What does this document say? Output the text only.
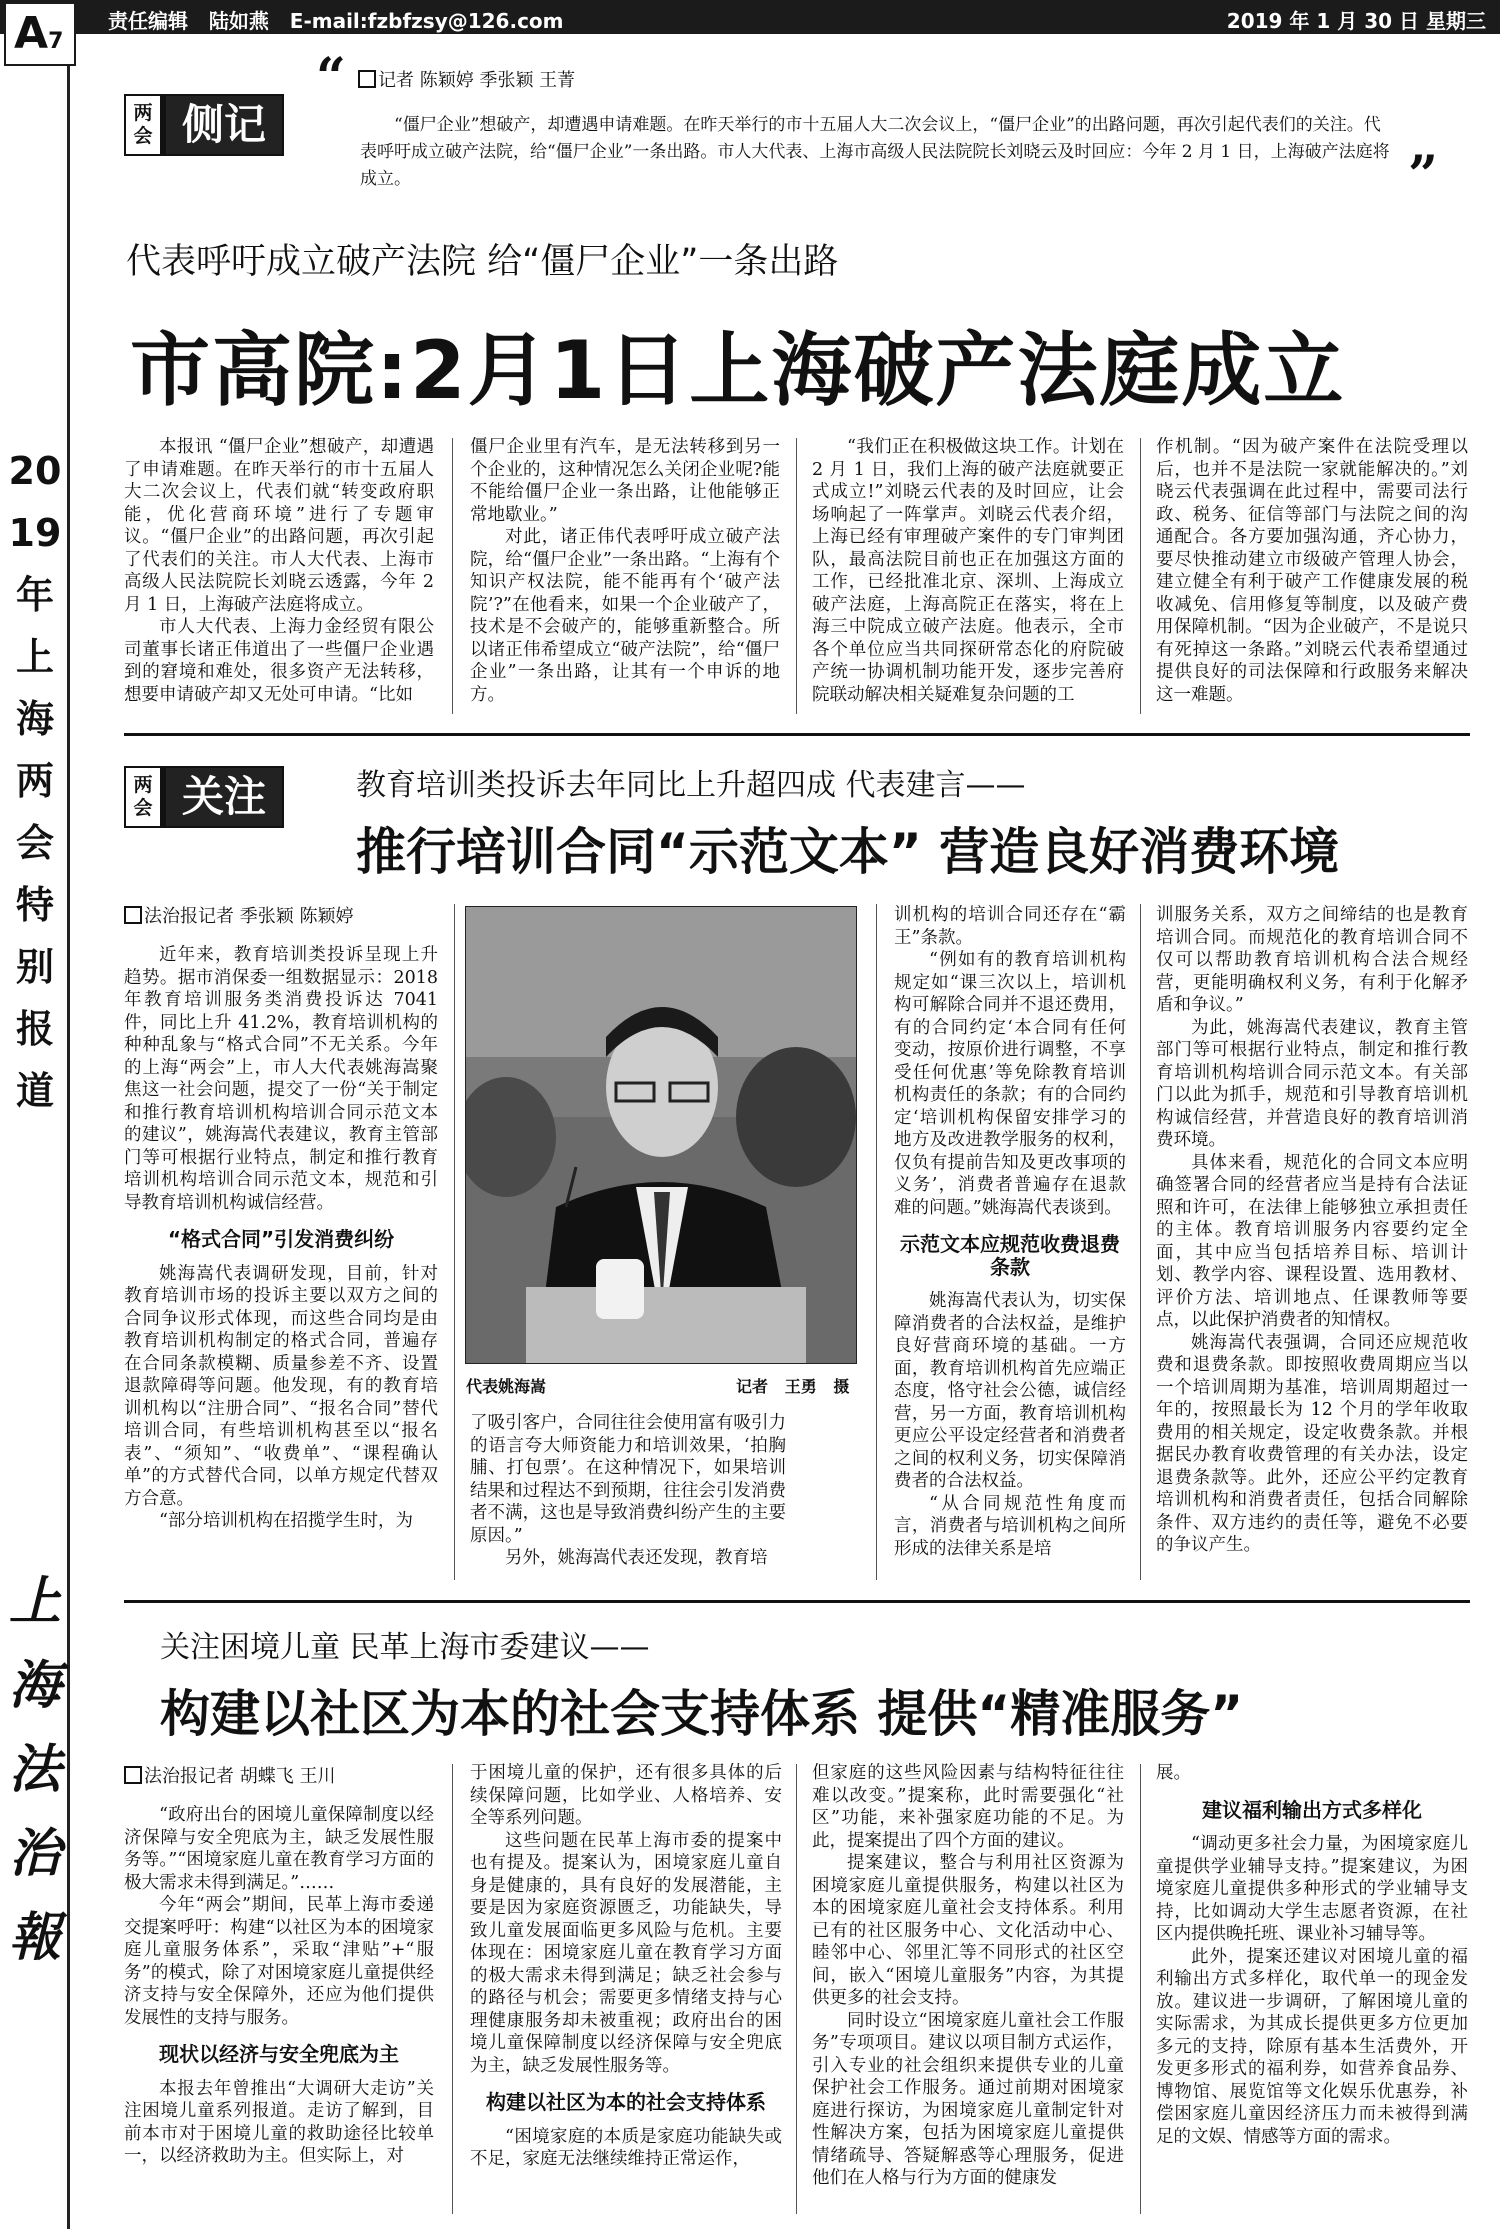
责任编辑   陆如燕   E-mail:fzbfzsy@126.com	2019 年 1 月 30 日 星期三
A7
2019年上海两会特别报道
上海法治報
两会 侧记
“	记者 陈颖婷 季张颖 王菁
“僵尸企业”想破产，却遭遇申请难题。在昨天举行的市十五届人大二次会议上，“僵尸企业”的出路问题，再次引起代表们的关注。代表呼吁成立破产法院，给“僵尸企业”一条出路。市人大代表、上海市高级人民法院院长刘晓云及时回应：今年 2 月 1 日，上海破产法庭将成立。	”
代表呼吁成立破产法院 给“僵尸企业”一条出路
市高院:2月1日上海破产法庭成立

本报讯 “僵尸企业”想破产，却遭遇了申请难题。在昨天举行的市十五届人大二次会议上，代表们就“转变政府职能，优化营商环境”进行了专题审议。“僵尸企业”的出路问题，再次引起了代表们的关注。市人大代表、上海市高级人民法院院长刘晓云透露，今年 2 月 1 日，上海破产法庭将成立。

市人大代表、上海力金经贸有限公司董事长诸正伟道出了一些僵尸企业遇到的窘境和难处，很多资产无法转移，想要申请破产却又无处可申请。“比如

僵尸企业里有汽车，是无法转移到另一个企业的，这种情况怎么关闭企业呢?能不能给僵尸企业一条出路，让他能够正常地歇业。”

对此，诸正伟代表呼吁成立破产法院，给“僵尸企业”一条出路。“上海有个知识产权法院，能不能再有个‘破产法院’?”在他看来，如果一个企业破产了，技术是不会破产的，能够重新整合。所以诸正伟希望成立“破产法院”，给“僵尸企业”一条出路，让其有一个申诉的地方。

“我们正在积极做这块工作。计划在 2 月 1 日，我们上海的破产法庭就要正式成立!”刘晓云代表的及时回应，让会场响起了一阵掌声。刘晓云代表介绍，上海已经有审理破产案件的专门审判团队，最高法院目前也正在加强这方面的工作，已经批准北京、深圳、上海成立破产法庭，上海高院正在落实，将在上海三中院成立破产法庭。他表示，全市各个单位应当共同探研常态化的府院破产统一协调机制功能开发，逐步完善府院联动解决相关疑难复杂问题的工

作机制。“因为破产案件在法院受理以后，也并不是法院一家就能解决的。”刘晓云代表强调在此过程中，需要司法行政、税务、征信等部门与法院之间的沟通配合。各方要加强沟通，齐心协力，要尽快推动建立市级破产管理人协会，建立健全有利于破产工作健康发展的税收减免、信用修复等制度，以及破产费用保障机制。“因为企业破产，不是说只有死掉这一条路。”刘晓云代表希望通过提供良好的司法保障和行政服务来解决这一难题。

两会 关注	教育培训类投诉去年同比上升超四成 代表建言——
推行培训合同“示范文本” 营造良好消费环境
法治报记者 季张颖 陈颖婷

近年来，教育培训类投诉呈现上升趋势。据市消保委一组数据显示：2018年教育培训服务类消费投诉达 7041 件，同比上升 41.2%，教育培训机构的种种乱象与“格式合同”不无关系。今年的上海“两会”上，市人大代表姚海嵩聚焦这一社会问题，提交了一份“关于制定和推行教育培训机构培训合同示范文本的建议”，姚海嵩代表建议，教育主管部门等可根据行业特点，制定和推行教育培训机构培训合同示范文本，规范和引导教育培训机构诚信经营。

“格式合同”引发消费纠纷

姚海嵩代表调研发现，目前，针对教育培训市场的投诉主要以双方之间的合同争议形式体现，而这些合同均是由教育培训机构制定的格式合同，普遍存在合同条款模糊、质量参差不齐、设置退款障碍等问题。他发现，有的教育培训机构以“注册合同”、“报名合同”替代培训合同，有些培训机构甚至以“报名表”、“须知”、“收费单”、“课程确认单”的方式替代合同，以单方规定代替双方合意。

“部分培训机构在招揽学生时，为

代表姚海嵩	记者   王勇   摄

了吸引客户，合同往往会使用富有吸引力的语言夸大师资能力和培训效果，‘拍胸脯、打包票’。在这种情况下，如果培训结果和过程达不到预期，往往会引发消费者不满，这也是导致消费纠纷产生的主要原因。”

另外，姚海嵩代表还发现，教育培

训机构的培训合同还存在“霸王”条款。

“例如有的教育培训机构规定如“课三次以上，培训机构可解除合同并不退还费用，有的合同约定‘本合同有任何变动，按原价进行调整，不享受任何优惠’等免除教育培训机构责任的条款；有的合同约定‘培训机构保留安排学习的地方及改进教学服务的权利，仅负有提前告知及更改事项的义务’，消费者普遍存在退款难的问题。”姚海嵩代表谈到。

示范文本应规范收费退费条款

姚海嵩代表认为，切实保障消费者的合法权益，是维护良好营商环境的基础。一方面，教育培训机构首先应端正态度，恪守社会公德，诚信经营，另一方面，教育培训机构更应公平设定经营者和消费者之间的权利义务，切实保障消费者的合法权益。

“从合同规范性角度而言，消费者与培训机构之间所形成的法律关系是培

训服务关系，双方之间缔结的也是教育培训合同。而规范化的教育培训合同不仅可以帮助教育培训机构合法合规经营，更能明确权利义务，有利于化解矛盾和争议。”

为此，姚海嵩代表建议，教育主管部门等可根据行业特点，制定和推行教育培训机构培训合同示范文本。有关部门以此为抓手，规范和引导教育培训机构诚信经营，并营造良好的教育培训消费环境。

具体来看，规范化的合同文本应明确签署合同的经营者应当是持有合法证照和许可，在法律上能够独立承担责任的主体。教育培训服务内容要约定全面，其中应当包括培养目标、培训计划、教学内容、课程设置、选用教材、评价方法、培训地点、任课教师等要点，以此保护消费者的知情权。

姚海嵩代表强调，合同还应规范收费和退费条款。即按照收费周期应当以一个培训周期为基准，培训周期超过一年的，按照最长为 12 个月的学年收取费用的相关规定，设定收费条款。并根据民办教育收费管理的有关办法，设定退费条款等。此外，还应公平约定教育培训机构和消费者责任，包括合同解除条件、双方违约的责任等，避免不必要的争议产生。

关注困境儿童 民革上海市委建议——
构建以社区为本的社会支持体系 提供“精准服务”
法治报记者 胡蝶飞 王川

“政府出台的困境儿童保障制度以经济保障与安全兜底为主，缺乏发展性服务等。”“困境家庭儿童在教育学习方面的极大需求未得到满足。”……

今年“两会”期间，民革上海市委递交提案呼吁：构建“以社区为本的困境家庭儿童服务体系”，采取“津贴”+“服务”的模式，除了对困境家庭儿童提供经济支持与安全保障外，还应为他们提供发展性的支持与服务。

现状以经济与安全兜底为主

本报去年曾推出“大调研大走访”关注困境儿童系列报道。走访了解到，目前本市对于困境儿童的救助途径比较单一，以经济救助为主。但实际上，对

于困境儿童的保护，还有很多具体的后续保障问题，比如学业、人格培养、安全等系列问题。

这些问题在民革上海市委的提案中也有提及。提案认为，困境家庭儿童自身是健康的，具有良好的发展潜能，主要是因为家庭资源匮乏，功能缺失，导致儿童发展面临更多风险与危机。主要体现在：困境家庭儿童在教育学习方面的极大需求未得到满足；缺乏社会参与的路径与机会；需要更多情绪支持与心理健康服务却未被重视；政府出台的困境儿童保障制度以经济保障与安全兜底为主，缺乏发展性服务等。

构建以社区为本的社会支持体系

“困境家庭的本质是家庭功能缺失或不足，家庭无法继续维持正常运作，

但家庭的这些风险因素与结构特征往往难以改变。”提案称，此时需要强化“社区”功能，来补强家庭功能的不足。为此，提案提出了四个方面的建议。

提案建议，整合与利用社区资源为困境家庭儿童提供服务，构建以社区为本的困境家庭儿童社会支持体系。利用已有的社区服务中心、文化活动中心、睦邻中心、邻里汇等不同形式的社区空间，嵌入“困境儿童服务”内容，为其提供更多的社会支持。

同时设立“困境家庭儿童社会工作服务”专项项目。建议以项目制方式运作，引入专业的社会组织来提供专业的儿童保护社会工作服务。通过前期对困境家庭进行探访，为困境家庭儿童制定针对性解决方案，包括为困境家庭儿童提供情绪疏导、答疑解惑等心理服务，促进他们在人格与行为方面的健康发

展。

建议福利输出方式多样化

“调动更多社会力量，为困境家庭儿童提供学业辅导支持。”提案建议，为困境家庭儿童提供多种形式的学业辅导支持，比如调动大学生志愿者资源，在社区内提供晚托班、课业补习辅导等。

此外，提案还建议对困境儿童的福利输出方式多样化，取代单一的现金发放。建议进一步调研，了解困境儿童的实际需求，为其成长提供更多方位更加多元的支持，除原有基本生活费外，开发更多形式的福利券，如营养食品券、博物馆、展览馆等文化娱乐优惠券，补偿困家庭儿童因经济压力而未被得到满足的文娱、情感等方面的需求。
